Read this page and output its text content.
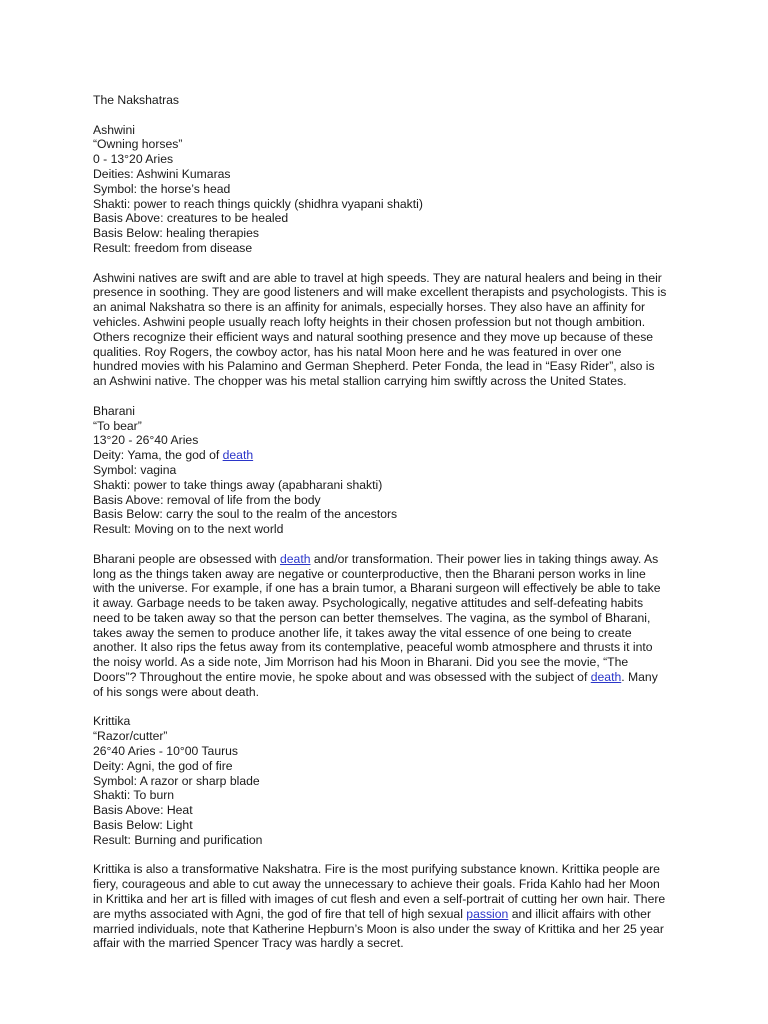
The Nakshatras
Ashwini
“Owning horses”
0 - 13°20 Aries
Deities: Ashwini Kumaras
Symbol: the horse’s head
Shakti: power to reach things quickly (shidhra vyapani shakti)
Basis Above: creatures to be healed
Basis Below: healing therapies
Result: freedom from disease

Ashwini natives are swift and are able to travel at high speeds. They are natural healers and being in their presence in soothing. They are good listeners and will make excellent therapists and psychologists. This is an animal Nakshatra so there is an affinity for animals, especially horses. They also have an affinity for vehicles. Ashwini people usually reach lofty heights in their chosen profession but not though ambition. Others recognize their efficient ways and natural soothing presence and they move up because of these qualities. Roy Rogers, the cowboy actor, has his natal Moon here and he was featured in over one hundred movies with his Palamino and German Shepherd. Peter Fonda, the lead in “Easy Rider”, also is an Ashwini native. The chopper was his metal stallion carrying him swiftly across the United States.

Bharani
“To bear”
13°20 - 26°40 Aries
Deity: Yama, the god of death
Symbol: vagina
Shakti: power to take things away (apabharani shakti)
Basis Above: removal of life from the body
Basis Below: carry the soul to the realm of the ancestors
Result: Moving on to the next world

Bharani people are obsessed with death and/or transformation. Their power lies in taking things away. As long as the things taken away are negative or counterproductive, then the Bharani person works in line with the universe. For example, if one has a brain tumor, a Bharani surgeon will effectively be able to take it away. Garbage needs to be taken away. Psychologically, negative attitudes and self-defeating habits need to be taken away so that the person can better themselves. The vagina, as the symbol of Bharani, takes away the semen to produce another life, it takes away the vital essence of one being to create another. It also rips the fetus away from its contemplative, peaceful womb atmosphere and thrusts it into the noisy world. As a side note, Jim Morrison had his Moon in Bharani. Did you see the movie, “The Doors”? Throughout the entire movie, he spoke about and was obsessed with the subject of death. Many of his songs were about death.

Krittika
“Razor/cutter”
26°40 Aries - 10°00 Taurus
Deity: Agni, the god of fire
Symbol: A razor or sharp blade
Shakti: To burn
Basis Above: Heat
Basis Below: Light
Result: Burning and purification

Krittika is also a transformative Nakshatra. Fire is the most purifying substance known. Krittika people are fiery, courageous and able to cut away the unnecessary to achieve their goals. Frida Kahlo had her Moon in Krittika and her art is filled with images of cut flesh and even a self-portrait of cutting her own hair. There are myths associated with Agni, the god of fire that tell of high sexual passion and illicit affairs with other married individuals, note that Katherine Hepburn’s Moon is also under the sway of Krittika and her 25 year affair with the married Spencer Tracy was hardly a secret.
